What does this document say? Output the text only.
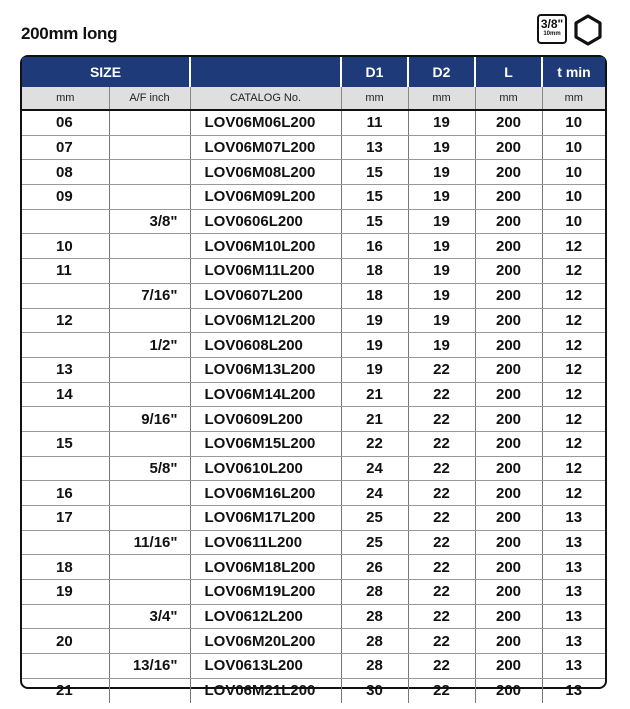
200mm long	3/8"
10mm
SIZE			D1	D2	L	t min
mm	A/F inch	CATALOG No.	mm	mm	mm	mm
06		LOV06M06L200	11	19	200	10
07		LOV06M07L200	13	19	200	10
08		LOV06M08L200	15	19	200	10
09		LOV06M09L200	15	19	200	10
	3/8"	LOV0606L200	15	19	200	10
10		LOV06M10L200	16	19	200	12
11		LOV06M11L200	18	19	200	12
	7/16"	LOV0607L200	18	19	200	12
12		LOV06M12L200	19	19	200	12
	1/2"	LOV0608L200	19	19	200	12
13		LOV06M13L200	19	22	200	12
14		LOV06M14L200	21	22	200	12
	9/16"	LOV0609L200	21	22	200	12
15		LOV06M15L200	22	22	200	12
	5/8"	LOV0610L200	24	22	200	12
16		LOV06M16L200	24	22	200	12
17		LOV06M17L200	25	22	200	13
	11/16"	LOV0611L200	25	22	200	13
18		LOV06M18L200	26	22	200	13
19		LOV06M19L200	28	22	200	13
	3/4"	LOV0612L200	28	22	200	13
20		LOV06M20L200	28	22	200	13
	13/16"	LOV0613L200	28	22	200	13
21		LOV06M21L200	30	22	200	13
